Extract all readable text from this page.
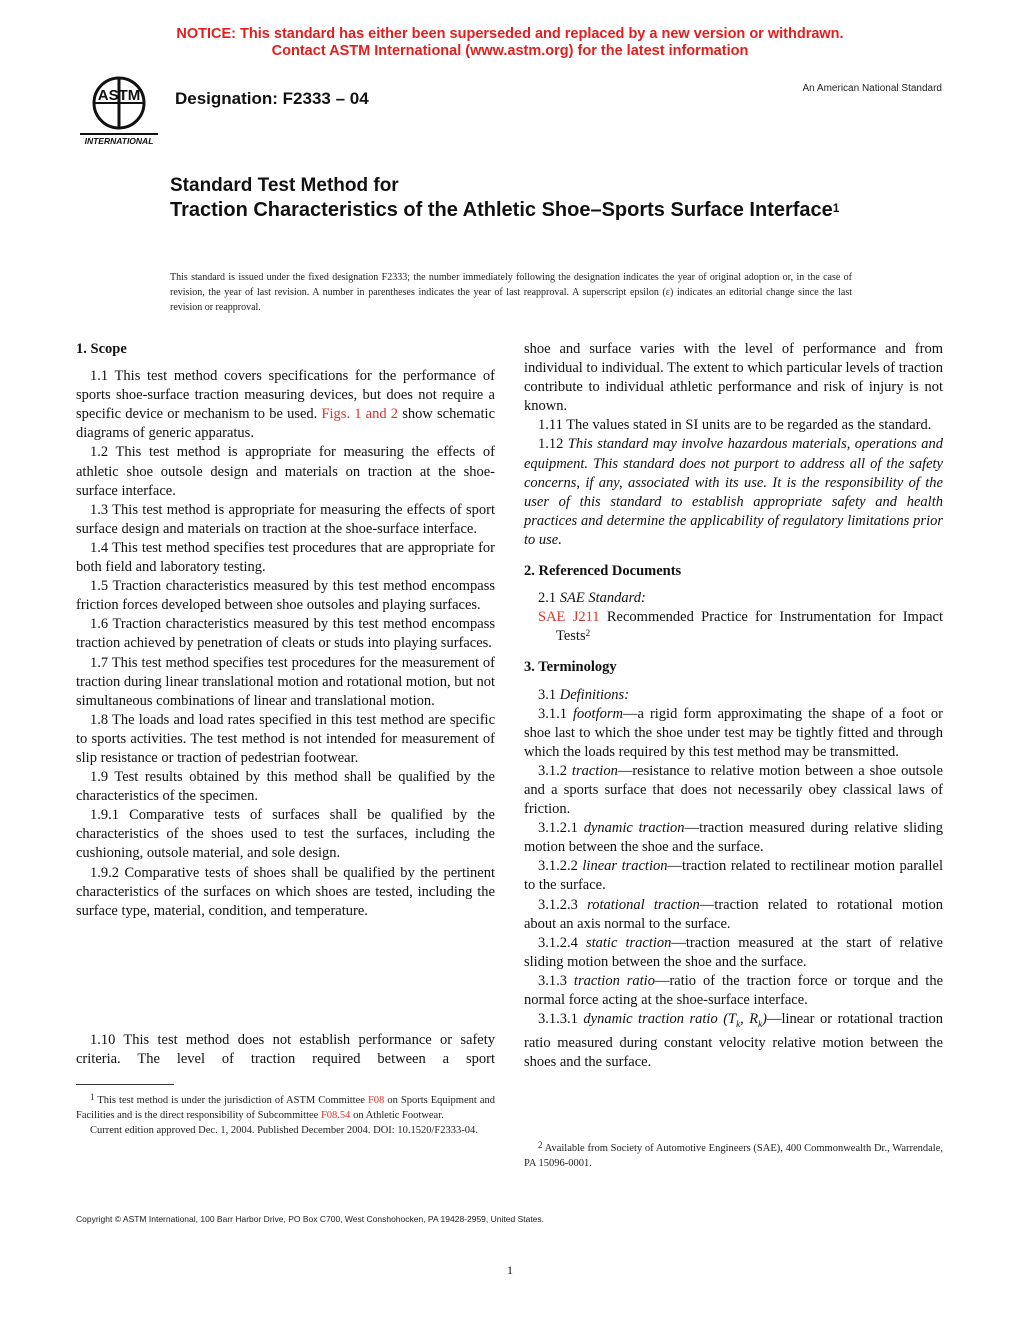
NOTICE: This standard has either been superseded and replaced by a new version or withdrawn.
Contact ASTM International (www.astm.org) for the latest information
ASTM
INTERNATIONAL
Designation: F2333 – 04
An American National Standard
Standard Test Method for
Traction Characteristics of the Athletic Shoe–Sports Surface Interface$^1$
This standard is issued under the fixed designation F2333; the number immediately following the designation indicates the year of original adoption or, in the case of revision, the year of last revision. A number in parentheses indicates the year of last reapproval. A superscript epsilon (ε) indicates an editorial change since the last revision or reapproval.

1. Scope

1.1 This test method covers specifications for the performance of sports shoe-surface traction measuring devices, but does not require a specific device or mechanism to be used. Figs. 1 and 2 show schematic diagrams of generic apparatus.

1.2 This test method is appropriate for measuring the effects of athletic shoe outsole design and materials on traction at the shoe-surface interface.

1.3 This test method is appropriate for measuring the effects of sport surface design and materials on traction at the shoe-surface interface.

1.4 This test method specifies test procedures that are appropriate for both field and laboratory testing.

1.5 Traction characteristics measured by this test method encompass friction forces developed between shoe outsoles and playing surfaces.

1.6 Traction characteristics measured by this test method encompass traction achieved by penetration of cleats or studs into playing surfaces.

1.7 This test method specifies test procedures for the measurement of traction during linear translational motion and rotational motion, but not simultaneous combinations of linear and translational motion.

1.8 The loads and load rates specified in this test method are specific to sports activities. The test method is not intended for measurement of slip resistance or traction of pedestrian footwear.

1.9 Test results obtained by this method shall be qualified by the characteristics of the specimen.

1.9.1 Comparative tests of surfaces shall be qualified by the characteristics of the shoes used to test the surfaces, including the cushioning, outsole material, and sole design.

1.9.2 Comparative tests of shoes shall be qualified by the pertinent characteristics of the surfaces on which shoes are tested, including the surface type, material, condition, and temperature.

1.10 This test method does not establish performance or safety criteria. The level of traction required between a sport

shoe and surface varies with the level of performance and from individual to individual. The extent to which particular levels of traction contribute to individual athletic performance and risk of injury is not known.

1.11 The values stated in SI units are to be regarded as the standard.

1.12 This standard may involve hazardous materials, operations and equipment. This standard does not purport to address all of the safety concerns, if any, associated with its use. It is the responsibility of the user of this standard to establish appropriate safety and health practices and determine the applicability of regulatory limitations prior to use.

2. Referenced Documents

2.1 SAE Standard:

SAE J211 Recommended Practice for Instrumentation for Impact Tests$^2$

3. Terminology

3.1 Definitions:

3.1.1 footform—a rigid form approximating the shape of a foot or shoe last to which the shoe under test may be tightly fitted and through which the loads required by this test method may be transmitted.

3.1.2 traction—resistance to relative motion between a shoe outsole and a sports surface that does not necessarily obey classical laws of friction.

3.1.2.1 dynamic traction—traction measured during relative sliding motion between the shoe and the surface.

3.1.2.2 linear traction—traction related to rectilinear motion parallel to the surface.

3.1.2.3 rotational traction—traction related to rotational motion about an axis normal to the surface.

3.1.2.4 static traction—traction measured at the start of relative sliding motion between the shoe and the surface.

3.1.3 traction ratio—ratio of the traction force or torque and the normal force acting at the shoe-surface interface.

3.1.3.1 dynamic traction ratio ($T_k$, $R_k)—linear$ or rotational traction ratio measured during constant velocity relative motion between the shoes and the surface.

$^1$ This test method is under the jurisdiction of ASTM Committee F08 on Sports Equipment and Facilities and is the direct responsibility of Subcommittee F08.54 on Athletic Footwear.

Current edition approved Dec. 1, 2004. Published December 2004. DOI: 10.1520/F2333-04.

$^2$ Available from Society of Automotive Engineers (SAE), 400 Commonwealth Dr., Warrendale, PA 15096-0001.

Copyright © ASTM International, 100 Barr Harbor Drive, PO Box C700, West Conshohocken, PA 19428-2959, United States.
1
